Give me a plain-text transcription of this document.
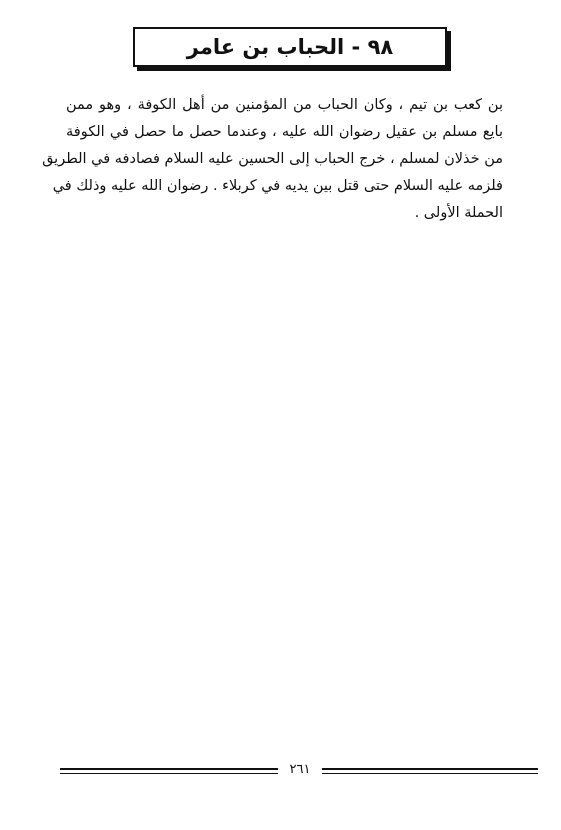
٩٨ - الحباب بن عامر
بن كعب بن تيم ، وكان الحباب من المؤمنين من أهل الكوفة ، وهو ممن
بايع مسلم بن عقيل رضوان الله عليه ، وعندما حصل ما حصل في الكوفة
من خذلان لمسلم ، خرج الحباب إلى الحسين عليه السلام فصادفه في الطريق
فلزمه عليه السلام حتى قتل بين يديه في كربلاء . رضوان الله عليه وذلك في
الحملة الأولى .
٢٦١
